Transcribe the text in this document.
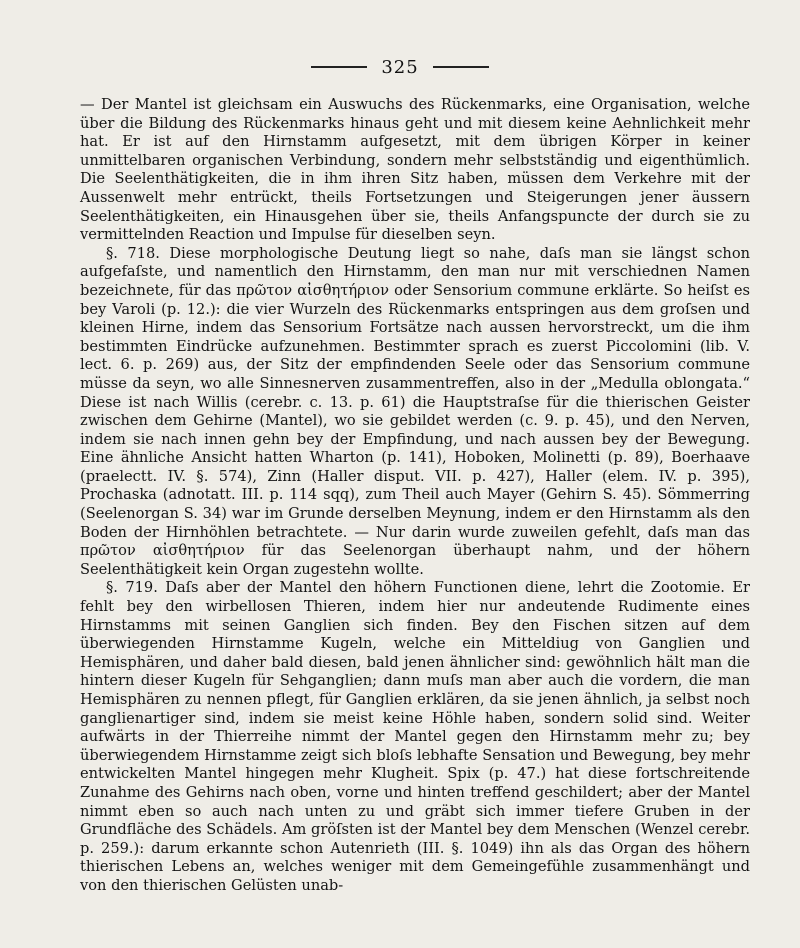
325

— Der Mantel ist gleichsam ein Auswuchs des Rückenmarks, eine Organisation, welche über die Bildung des Rückenmarks hinaus geht und mit diesem keine Aehnlichkeit mehr hat. Er ist auf den Hirnstamm aufgesetzt, mit dem übrigen Körper in keiner unmittelbaren organischen Verbindung, sondern mehr selbstständig und eigenthümlich. Die Seelenthätigkeiten, die in ihm ihren Sitz haben, müssen dem Verkehre mit der Aussenwelt mehr entrückt, theils Fortsetzungen und Steigerungen jener äussern Seelenthätigkeiten, ein Hinausgehen über sie, theils Anfangspuncte der durch sie zu vermittelnden Reaction und Impulse für dieselben seyn.

§. 718. Diese morphologische Deutung liegt so nahe, daſs man sie längst schon aufgefaſste, und namentlich den Hirnstamm, den man nur mit verschiednen Namen bezeichnete, für das πρῶτον αἰσθητήριον oder Sensorium commune erklärte. So heiſst es bey Varoli (p. 12.): die vier Wurzeln des Rückenmarks entspringen aus dem groſsen und kleinen Hirne, indem das Sensorium Fortsätze nach aussen hervorstreckt, um die ihm bestimmten Eindrücke aufzunehmen. Bestimmter sprach es zuerst Piccolomini (lib. V. lect. 6. p. 269) aus, der Sitz der empfindenden Seele oder das Sensorium commune müsse da seyn, wo alle Sinnesnerven zusammentreffen, also in der „Medulla oblongata.“ Diese ist nach Willis (cerebr. c. 13. p. 61) die Hauptstraſse für die thierischen Geister zwischen dem Gehirne (Mantel), wo sie gebildet werden (c. 9. p. 45), und den Nerven, indem sie nach innen gehn bey der Empfindung, und nach aussen bey der Bewegung. Eine ähnliche Ansicht hatten Wharton (p. 141), Hoboken, Molinetti (p. 89), Boerhaave (praelectt. IV. §. 574), Zinn (Haller disput. VII. p. 427), Haller (elem. IV. p. 395), Prochaska (adnotatt. III. p. 114 sqq), zum Theil auch Mayer (Gehirn S. 45). Sömmerring (Seelenorgan S. 34) war im Grunde derselben Meynung, indem er den Hirnstamm als den Boden der Hirnhöhlen betrachtete. — Nur darin wurde zuweilen gefehlt, daſs man das πρῶτον αἰσθητήριον für das Seelenorgan überhaupt nahm, und der höhern Seelenthätigkeit kein Organ zugestehn wollte.

§. 719. Daſs aber der Mantel den höhern Functionen diene, lehrt die Zootomie. Er fehlt bey den wirbellosen Thieren, indem hier nur andeutende Rudimente eines Hirnstamms mit seinen Ganglien sich finden. Bey den Fischen sitzen auf dem überwiegenden Hirnstamme Kugeln, welche ein Mitteldiug von Ganglien und Hemisphären, und daher bald diesen, bald jenen ähnlicher sind: gewöhnlich hält man die hintern dieser Kugeln für Sehganglien; dann muſs man aber auch die vordern, die man Hemisphären zu nennen pflegt, für Ganglien erklären, da sie jenen ähnlich, ja selbst noch ganglienartiger sind, indem sie meist keine Höhle haben, sondern solid sind. Weiter aufwärts in der Thierreihe nimmt der Mantel gegen den Hirnstamm mehr zu; bey überwiegendem Hirnstamme zeigt sich bloſs lebhafte Sensation und Bewegung, bey mehr entwickelten Mantel hingegen mehr Klugheit. Spix (p. 47.) hat diese fortschreitende Zunahme des Gehirns nach oben, vorne und hinten treffend geschildert; aber der Mantel nimmt eben so auch nach unten zu und gräbt sich immer tiefere Gruben in der Grundfläche des Schädels. Am gröſsten ist der Mantel bey dem Menschen (Wenzel cerebr. p. 259.): darum erkannte schon Autenrieth (III. §. 1049) ihn als das Organ des höhern thierischen Lebens an, welches weniger mit dem Gemeingefühle zusammenhängt und von den thierischen Gelüsten unab-
